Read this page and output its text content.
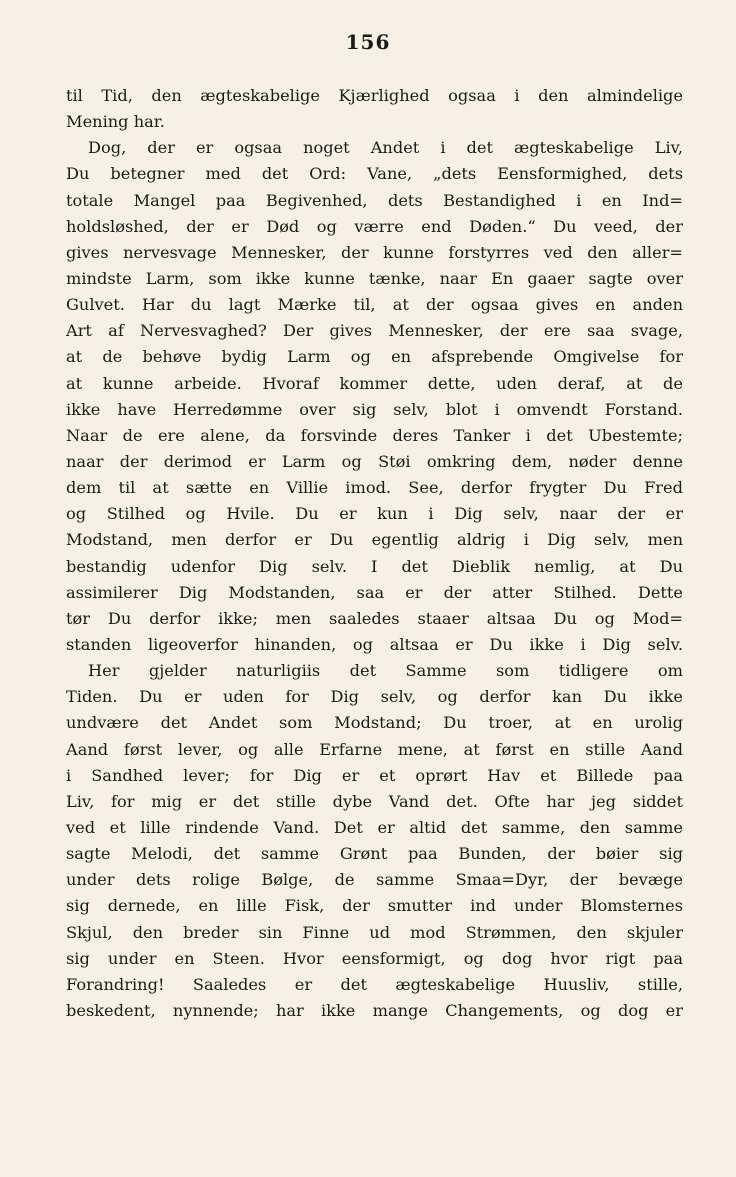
156
til Tid, den ægteskabelige Kjærlighed ogsaa i den almindelige
Mening har.
Dog, der er ogsaa noget Andet i det ægteskabelige Liv,
Du betegner med det Ord: Vane, „dets Eensformighed, dets
totale Mangel paa Begivenhed, dets Bestandighed i en Ind=
holdsløshed, der er Død og værre end Døden.“ Du veed, der
gives nervesvage Mennesker, der kunne forstyrres ved den aller=
mindste Larm, som ikke kunne tænke, naar En gaaer sagte over
Gulvet. Har du lagt Mærke til, at der ogsaa gives en anden
Art af Nervesvaghed? Der gives Mennesker, der ere saa svage,
at de behøve bydig Larm og en afsprebende Omgivelse for
at kunne arbeide. Hvoraf kommer dette, uden deraf, at de
ikke have Herredømme over sig selv, blot i omvendt Forstand.
Naar de ere alene, da forsvinde deres Tanker i det Ubestemte;
naar der derimod er Larm og Støi omkring dem, nøder denne
dem til at sætte en Villie imod. See, derfor frygter Du Fred
og Stilhed og Hvile. Du er kun i Dig selv, naar der er
Modstand, men derfor er Du egentlig aldrig i Dig selv, men
bestandig udenfor Dig selv. I det Dieblik nemlig, at Du
assimilerer Dig Modstanden, saa er der atter Stilhed. Dette
tør Du derfor ikke; men saaledes staaer altsaa Du og Mod=
standen ligeoverfor hinanden, og altsaa er Du ikke i Dig selv.
Her gjelder naturligiis det Samme som tidligere om
Tiden. Du er uden for Dig selv, og derfor kan Du ikke
undvære det Andet som Modstand; Du troer, at en urolig
Aand først lever, og alle Erfarne mene, at først en stille Aand
i Sandhed lever; for Dig er et oprørt Hav et Billede paa
Liv, for mig er det stille dybe Vand det. Ofte har jeg siddet
ved et lille rindende Vand. Det er altid det samme, den samme
sagte Melodi, det samme Grønt paa Bunden, der bøier sig
under dets rolige Bølge, de samme Smaa=Dyr, der bevæge
sig dernede, en lille Fisk, der smutter ind under Blomsternes
Skjul, den breder sin Finne ud mod Strømmen, den skjuler
sig under en Steen. Hvor eensformigt, og dog hvor rigt paa
Forandring! Saaledes er det ægteskabelige Huusliv, stille,
beskedent, nynnende; har ikke mange Changements, og dog er
